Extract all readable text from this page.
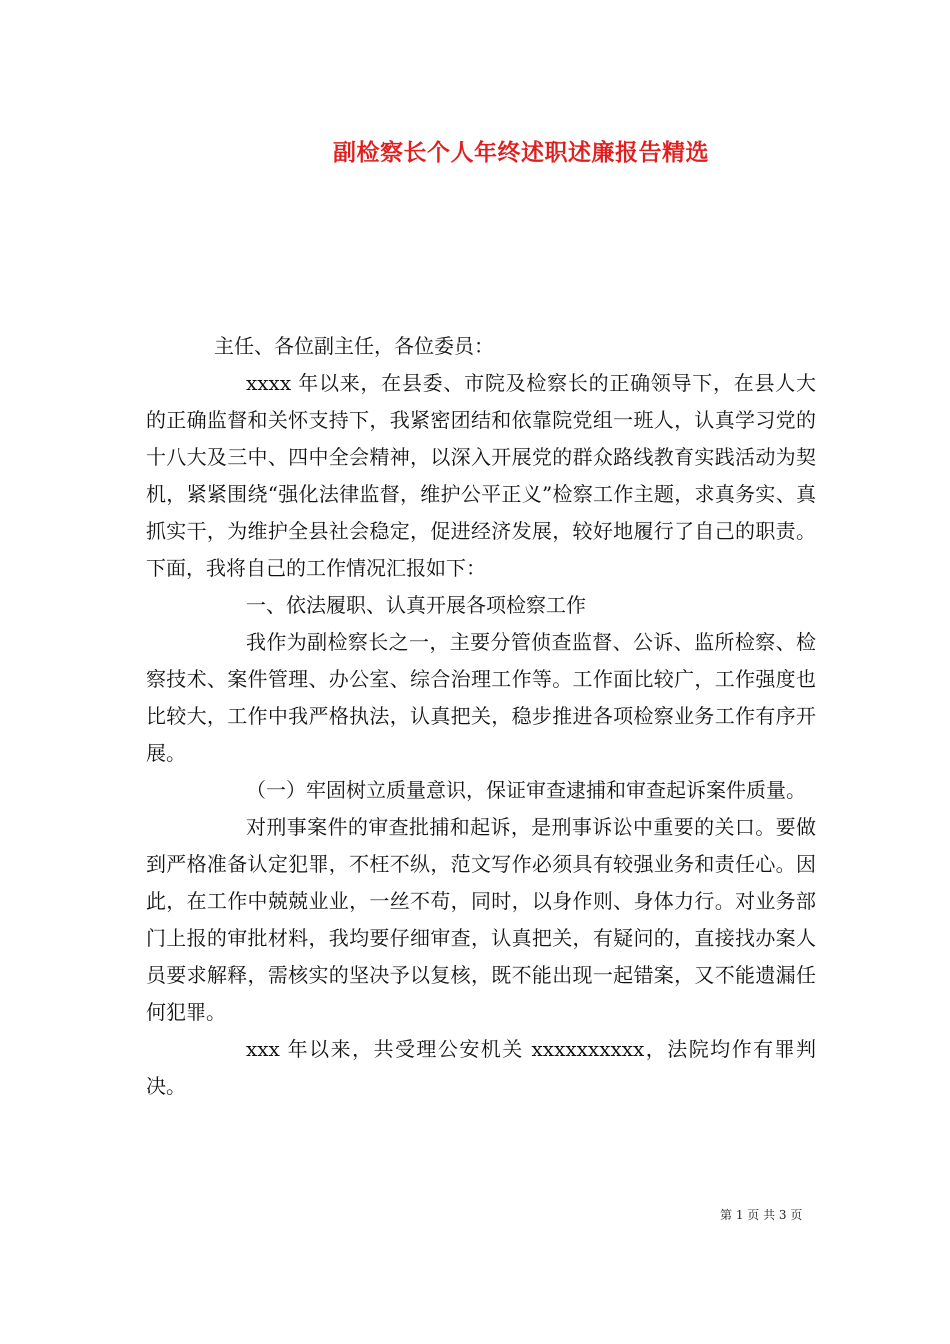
副检察长个人年终述职述廉报告精选

主任、各位副主任，各位委员：

xxxx 年以来，在县委、市院及检察长的正确领导下，在县人大的正确监督和关怀支持下，我紧密团结和依靠院党组一班人，认真学习党的十八大及三中、四中全会精神，以深入开展党的群众路线教育实践活动为契机，紧紧围绕“强化法律监督，维护公平正义”检察工作主题，求真务实、真抓实干，为维护全县社会稳定，促进经济发展，较好地履行了自己的职责。下面，我将自己的工作情况汇报如下：

一、依法履职、认真开展各项检察工作

我作为副检察长之一，主要分管侦查监督、公诉、监所检察、检察技术、案件管理、办公室、综合治理工作等。工作面比较广，工作强度也比较大，工作中我严格执法，认真把关，稳步推进各项检察业务工作有序开展。

（一）牢固树立质量意识，保证审查逮捕和审查起诉案件质量。

对刑事案件的审查批捕和起诉，是刑事诉讼中重要的关口。要做到严格准备认定犯罪，不枉不纵，范文写作必须具有较强业务和责任心。因此，在工作中兢兢业业，一丝不苟，同时，以身作则、身体力行。对业务部门上报的审批材料，我均要仔细审查，认真把关，有疑问的，直接找办案人员要求解释，需核实的坚决予以复核，既不能出现一起错案，又不能遗漏任何犯罪。

xxx 年以来，共受理公安机关 xxxxxxxxxx，法院均作有罪判决。

第 1 页 共 3 页
